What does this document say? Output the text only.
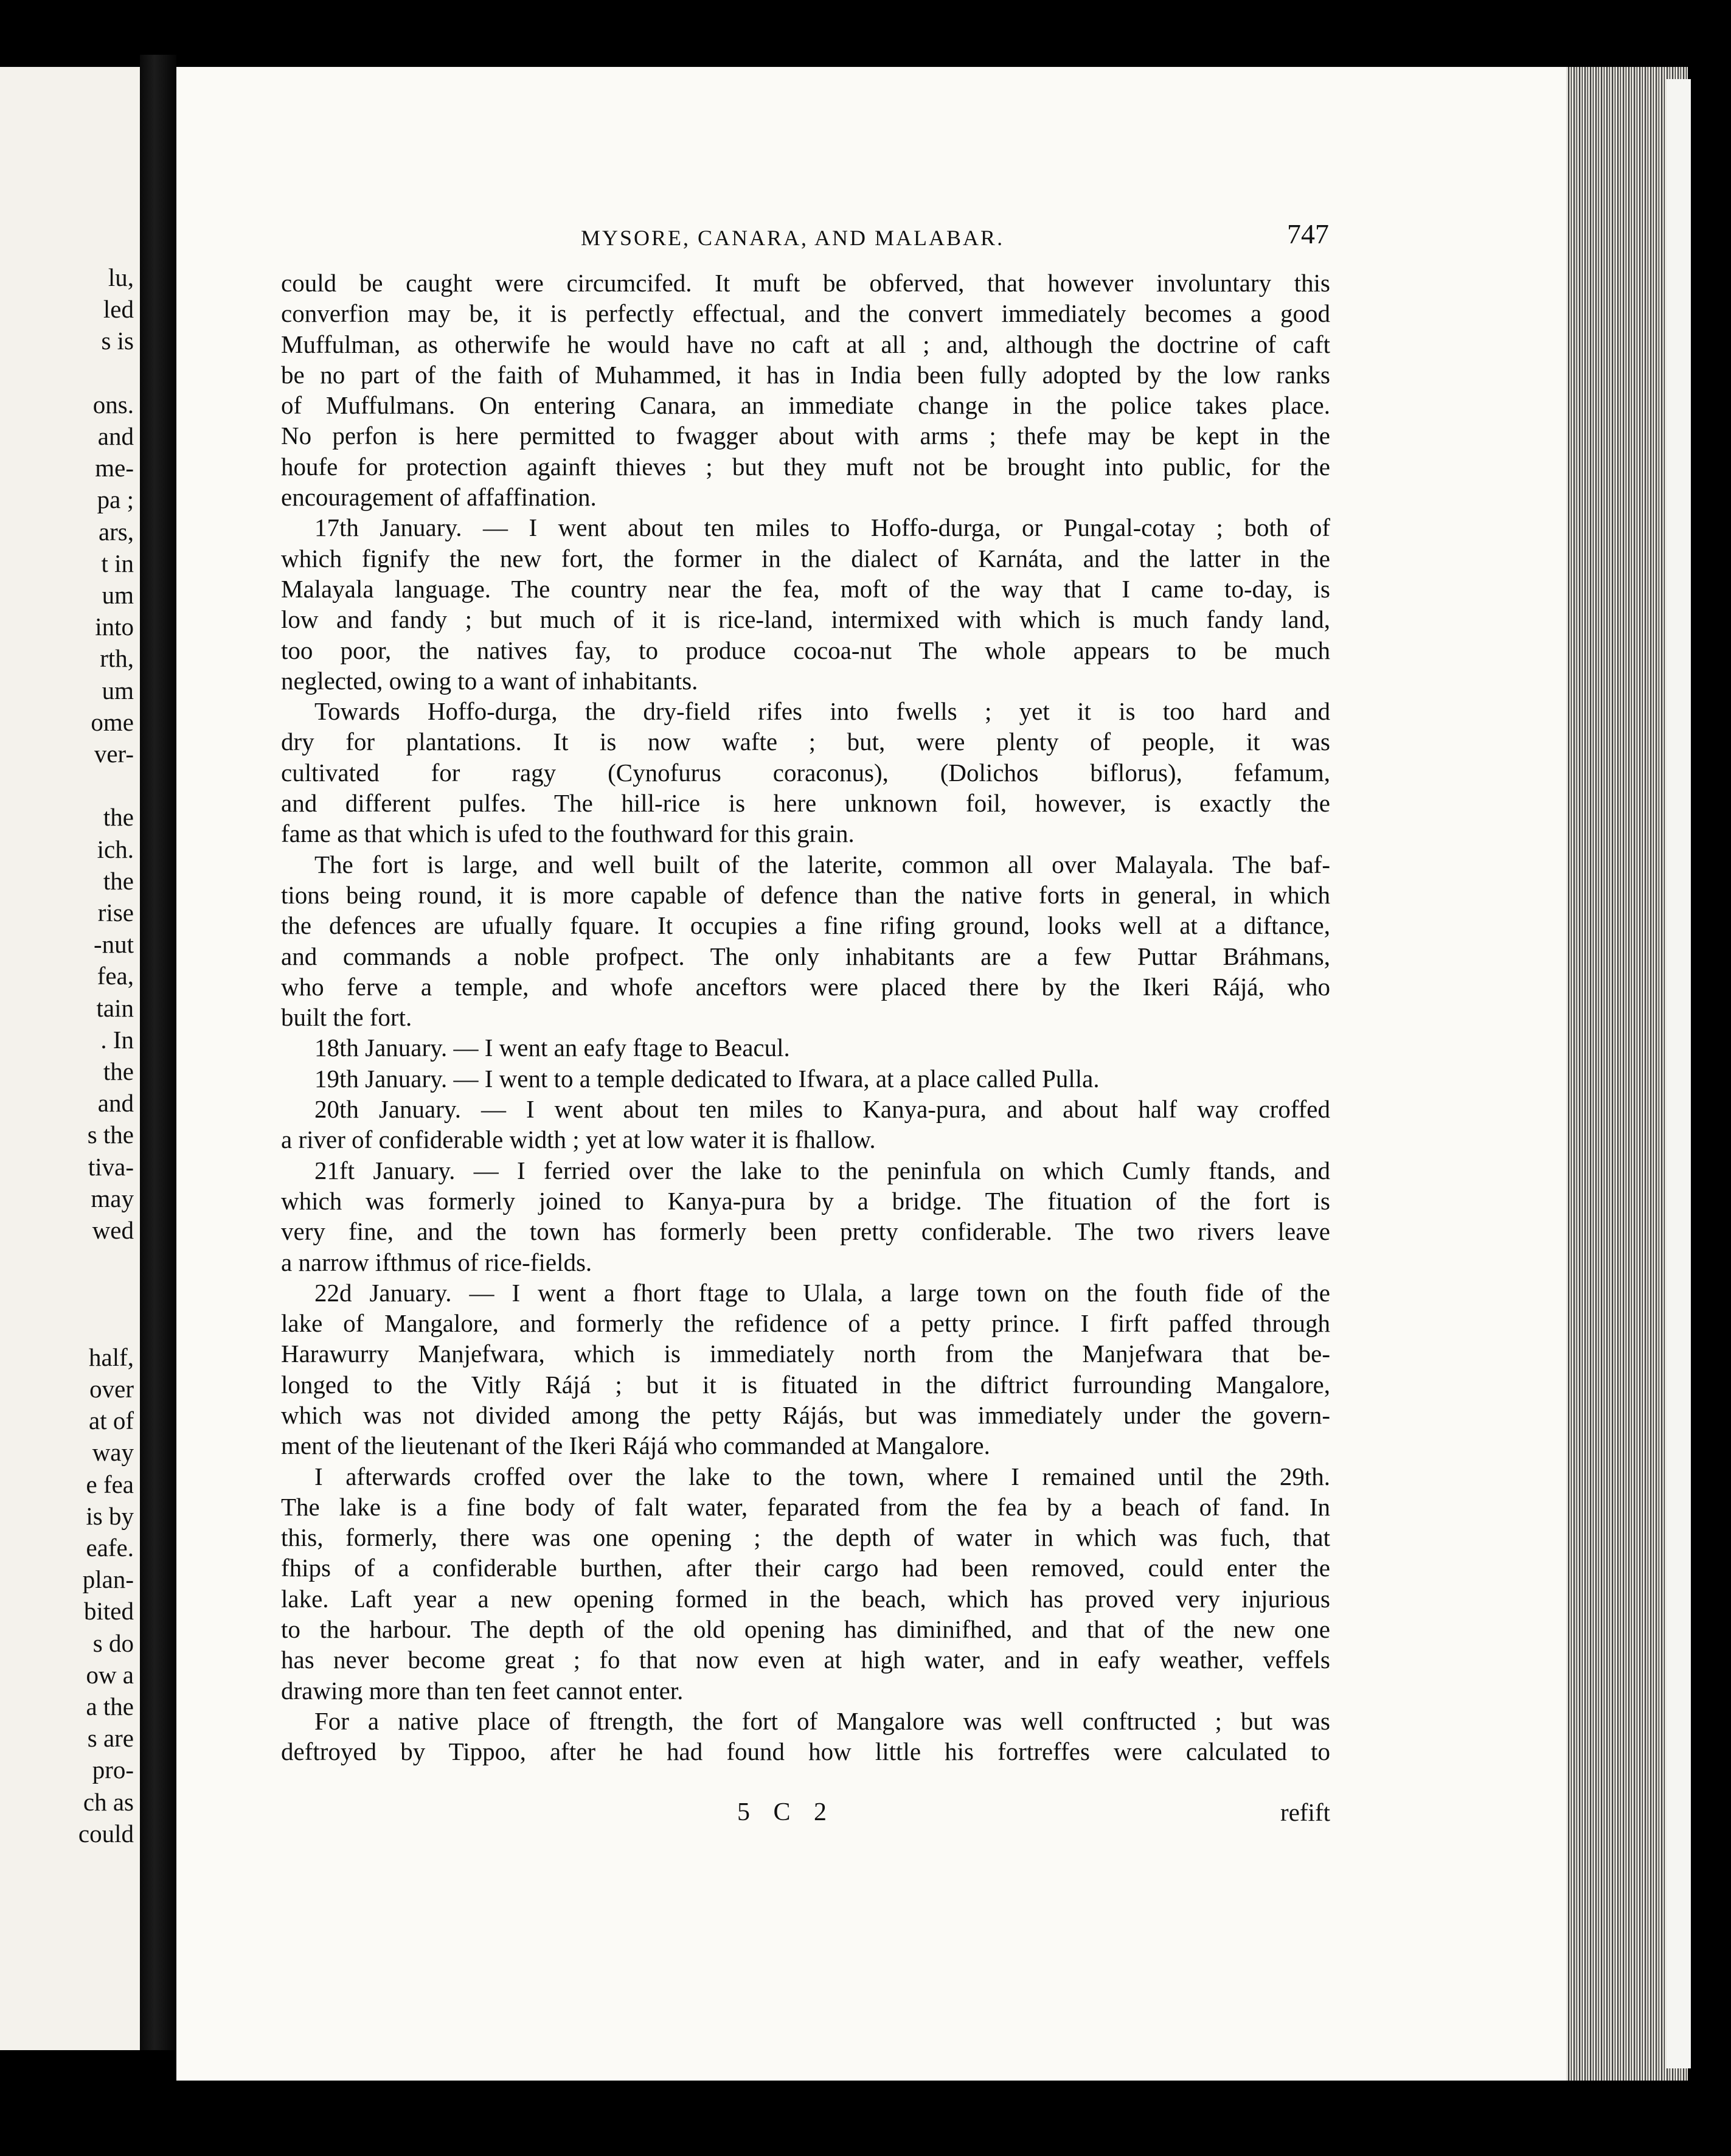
lu,
led
s is
ons.
and
me-
pa ;
ars,
t in
um
into
rth,
um
ome
ver-
the
ich.
the
rise
-nut
fea,
tain
. In
the
and
s the
tiva-
may
wed
half,
over
at of
way
e fea
is by
eafe.
plan-
bited
s do
ow a
a the
s are
pro-
ch as
could
MYSORE, CANARA, AND MALABAR.	747
could be caught were circumcifed. It muft be obferved, that however involuntary this
converfion may be, it is perfectly effectual, and the convert immediately becomes a good
Muffulman, as otherwife he would have no caft at all ; and, although the doctrine of caft
be no part of the faith of Muhammed, it has in India been fully adopted by the low ranks
of Muffulmans. On entering Canara, an immediate change in the police takes place.
No perfon is here permitted to fwagger about with arms ; thefe may be kept in the
houfe for protection againft thieves ; but they muft not be brought into public, for the
encouragement of affaffination.
17th January. — I went about ten miles to Hoffo-durga, or Pungal-cotay ; both of
which fignify the new fort, the former in the dialect of Karnáta, and the latter in the
Malayala language. The country near the fea, moft of the way that I came to-day, is
low and fandy ; but much of it is rice-land, intermixed with which is much fandy land,
too poor, the natives fay, to produce cocoa-nut The whole appears to be much
neglected, owing to a want of inhabitants.
Towards Hoffo-durga, the dry-field rifes into fwells ; yet it is too hard and
dry for plantations. It is now wafte ; but, were plenty of people, it was
cultivated for ragy (Cynofurus coraconus), (Dolichos biflorus), fefamum,
and different pulfes. The hill-rice is here unknown foil, however, is exactly the
fame as that which is ufed to the fouthward for this grain.
The fort is large, and well built of the laterite, common all over Malayala. The baf-
tions being round, it is more capable of defence than the native forts in general, in which
the defences are ufually fquare. It occupies a fine rifing ground, looks well at a diftance,
and commands a noble profpect. The only inhabitants are a few Puttar Bráhmans,
who ferve a temple, and whofe anceftors were placed there by the Ikeri Rájá, who
built the fort.
18th January. — I went an eafy ftage to Beacul.
19th January. — I went to a temple dedicated to Ifwara, at a place called Pulla.
20th January. — I went about ten miles to Kanya-pura, and about half way croffed
a river of confiderable width ; yet at low water it is fhallow.
21ft January. — I ferried over the lake to the peninfula on which Cumly ftands, and
which was formerly joined to Kanya-pura by a bridge. The fituation of the fort is
very fine, and the town has formerly been pretty confiderable. The two rivers leave
a narrow ifthmus of rice-fields.
22d January. — I went a fhort ftage to Ulala, a large town on the fouth fide of the
lake of Mangalore, and formerly the refidence of a petty prince. I firft paffed through
Harawurry Manjefwara, which is immediately north from the Manjefwara that be-
longed to the Vitly Rájá ; but it is fituated in the diftrict furrounding Mangalore,
which was not divided among the petty Rájás, but was immediately under the govern-
ment of the lieutenant of the Ikeri Rájá who commanded at Mangalore.
I afterwards croffed over the lake to the town, where I remained until the 29th.
The lake is a fine body of falt water, feparated from the fea by a beach of fand. In
this, formerly, there was one opening ; the depth of water in which was fuch, that
fhips of a confiderable burthen, after their cargo had been removed, could enter the
lake. Laft year a new opening formed in the beach, which has proved very injurious
to the harbour. The depth of the old opening has diminifhed, and that of the new one
has never become great ; fo that now even at high water, and in eafy weather, veffels
drawing more than ten feet cannot enter.
For a native place of ftrength, the fort of Mangalore was well conftructed ; but was
deftroyed by Tippoo, after he had found how little his fortreffes were calculated to
5 C 2	refift
